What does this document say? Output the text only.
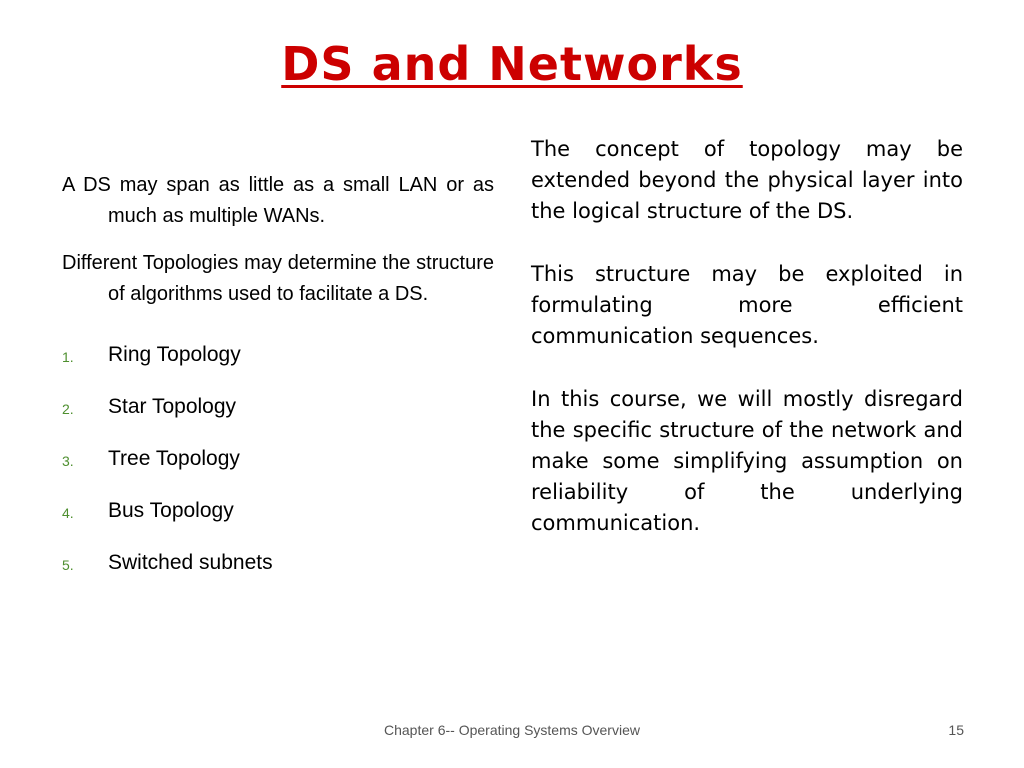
DS and Networks

A DS may span as little as a small LAN or as much as multiple WANs.

Different Topologies may determine the structure of algorithms used to facilitate a DS.

1. Ring Topology
2. Star Topology
3. Tree Topology
4. Bus Topology
5. Switched subnets

The concept of topology may be extended beyond the physical layer into the logical structure of the DS.

This structure may be exploited in formulating more efficient communication sequences.

In this course, we will mostly disregard the specific structure of the network and make some simplifying assumption on reliability of the underlying communication.

Chapter 6-- Operating Systems Overview	15
